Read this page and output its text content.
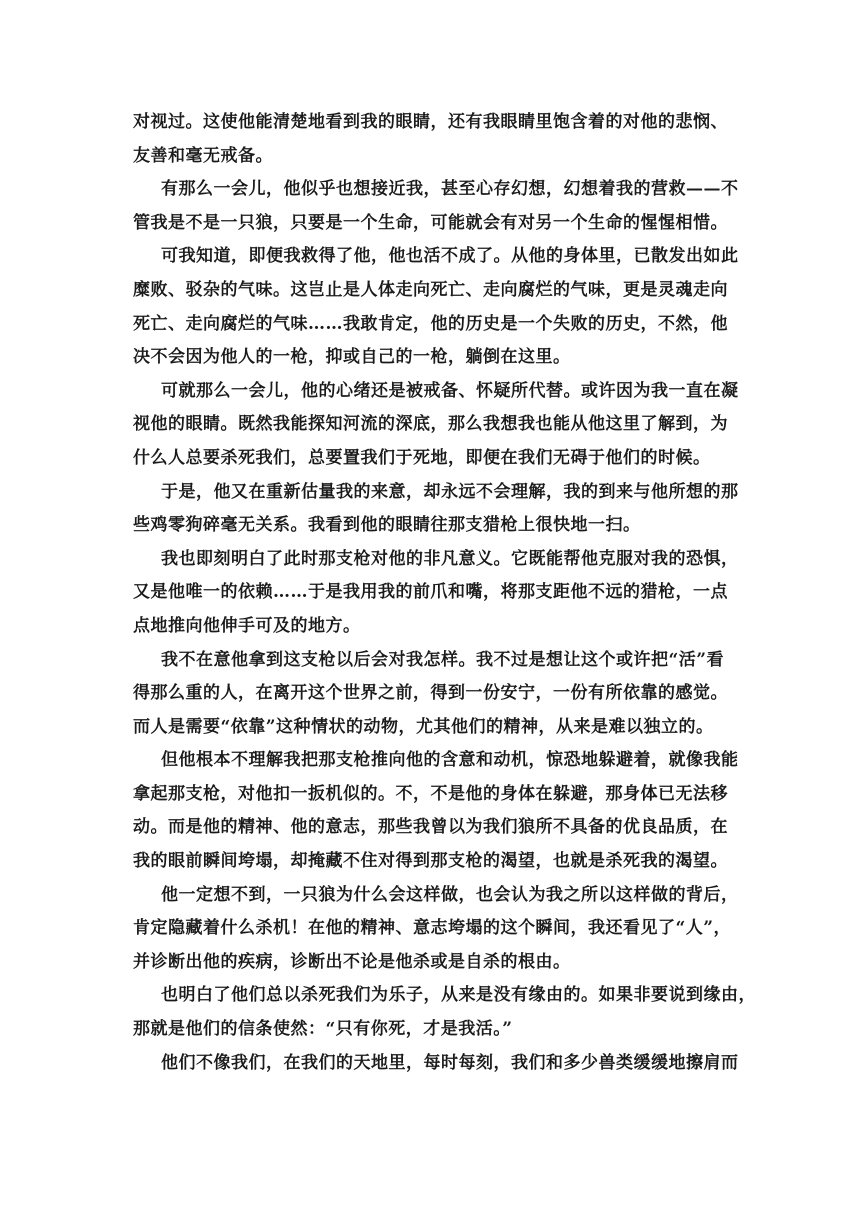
对视过。这使他能清楚地看到我的眼睛，还有我眼睛里饱含着的对他的悲悯、
友善和毫无戒备。
有那么一会儿，他似乎也想接近我，甚至心存幻想，幻想着我的营救——不
管我是不是一只狼，只要是一个生命，可能就会有对另一个生命的惺惺相惜。
可我知道，即便我救得了他，他也活不成了。从他的身体里，已散发出如此
糜败、驳杂的气味。这岂止是人体走向死亡、走向腐烂的气味，更是灵魂走向
死亡、走向腐烂的气味……我敢肯定，他的历史是一个失败的历史，不然，他
决不会因为他人的一枪，抑或自己的一枪，躺倒在这里。
可就那么一会儿，他的心绪还是被戒备、怀疑所代替。或许因为我一直在凝
视他的眼睛。既然我能探知河流的深底，那么我想我也能从他这里了解到，为
什么人总要杀死我们，总要置我们于死地，即便在我们无碍于他们的时候。
于是，他又在重新估量我的来意，却永远不会理解，我的到来与他所想的那
些鸡零狗碎毫无关系。我看到他的眼睛往那支猎枪上很快地一扫。
我也即刻明白了此时那支枪对他的非凡意义。它既能帮他克服对我的恐惧，
又是他唯一的依赖……于是我用我的前爪和嘴，将那支距他不远的猎枪，一点
点地推向他伸手可及的地方。
我不在意他拿到这支枪以后会对我怎样。我不过是想让这个或许把“活”看
得那么重的人，在离开这个世界之前，得到一份安宁，一份有所依靠的感觉。
而人是需要“依靠”这种情状的动物，尤其他们的精神，从来是难以独立的。
但他根本不理解我把那支枪推向他的含意和动机，惊恐地躲避着，就像我能
拿起那支枪，对他扣一扳机似的。不，不是他的身体在躲避，那身体已无法移
动。而是他的精神、他的意志，那些我曾以为我们狼所不具备的优良品质，在
我的眼前瞬间垮塌，却掩藏不住对得到那支枪的渴望，也就是杀死我的渴望。
他一定想不到，一只狼为什么会这样做，也会认为我之所以这样做的背后，
肯定隐藏着什么杀机！在他的精神、意志垮塌的这个瞬间，我还看见了“人”，
并诊断出他的疾病，诊断出不论是他杀或是自杀的根由。
也明白了他们总以杀死我们为乐子，从来是没有缘由的。如果非要说到缘由，
那就是他们的信条使然：“只有你死，才是我活。”
他们不像我们，在我们的天地里，每时每刻，我们和多少兽类缓缓地擦肩而
